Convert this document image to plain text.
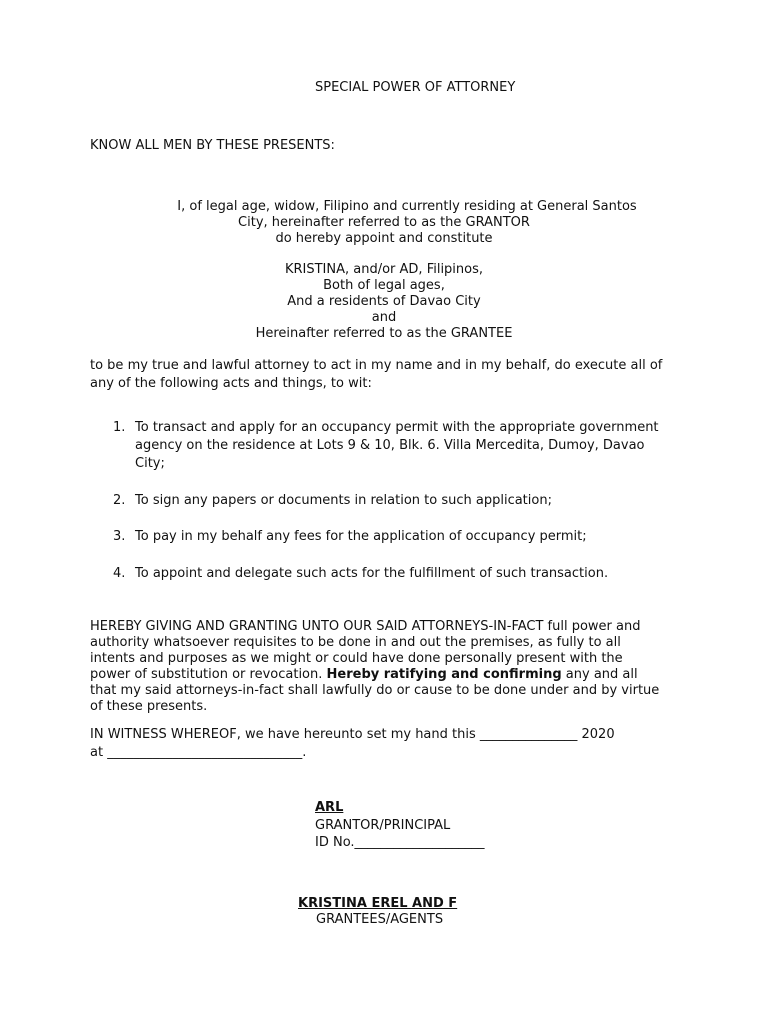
SPECIAL POWER OF ATTORNEY
KNOW ALL MEN BY THESE PRESENTS:
I, of legal age, widow, Filipino and currently residing at General Santos
City, hereinafter referred to as the GRANTOR
do hereby appoint and constitute
KRISTINA, and/or AD, Filipinos,
Both of legal ages,
And a residents of Davao City
and
Hereinafter referred to as the GRANTEE
to be my true and lawful attorney to act in my name and in my behalf, do execute all of
any of the following acts and things, to wit:
1. To transact and apply for an occupancy permit with the appropriate government
agency on the residence at Lots 9 & 10, Blk. 6. Villa Mercedita, Dumoy, Davao
City;
2. To sign any papers or documents in relation to such application;
3. To pay in my behalf any fees for the application of occupancy permit;
4. To appoint and delegate such acts for the fulfillment of such transaction.
HEREBY GIVING AND GRANTING UNTO OUR SAID ATTORNEYS-IN-FACT full power and
authority whatsoever requisites to be done in and out the premises, as fully to all
intents and purposes as we might or could have done personally present with the
power of substitution or revocation. Hereby ratifying and confirming any and all
that my said attorneys-in-fact shall lawfully do or cause to be done under and by virtue
of these presents.
IN WITNESS WHEREOF, we have hereunto set my hand this _______________ 2020
at ______________________________.
ARL
GRANTOR/PRINCIPAL
ID No.____________________
KRISTINA EREL AND F
GRANTEES/AGENTS
